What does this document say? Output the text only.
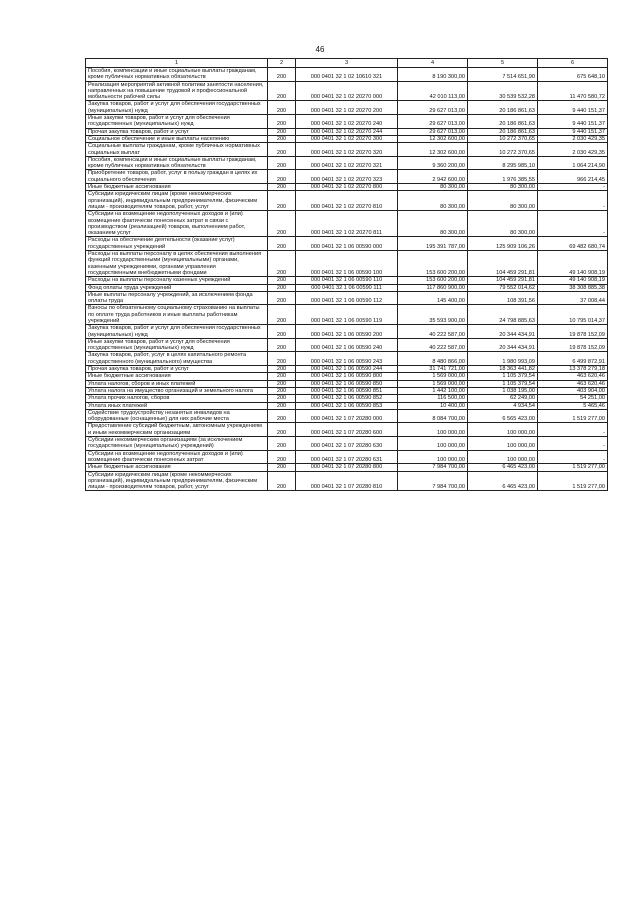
46
1	2	3	4	5	6
Пособия, компенсации и иные социальные выплаты гражданам, кроме публичных нормативных обязательств	200	000 0401 32 1 02 10610 321	8 190 300,00	7 514 651,90	675 648,10
Реализация мероприятий активной политики занятости населения, направленных на повышение трудовой и профессиональной мобильности рабочей силы	200	000 0401 32 1 02 20270 000	42 010 113,00	30 539 532,28	11 470 580,72
Закупка товаров, работ и услуг для обеспечения государственных (муниципальных) нужд	200	000 0401 32 1 02 20270 200	29 627 013,00	20 186 861,63	9 440 151,37
Иные закупки товаров, работ и услуг для обеспечения государственных (муниципальных) нужд	200	000 0401 32 1 02 20270 240	29 627 013,00	20 186 861,63	9 440 151,37
Прочая закупка товаров, работ и услуг	200	000 0401 32 1 02 20270 244	29 627 013,00	20 186 861,63	9 440 151,37
Социальное обеспечение и иные выплаты населению	200	000 0401 32 1 02 20270 300	12 302 600,00	10 272 370,65	2 030 429,35
Социальные выплаты гражданам, кроме публичных нормативных социальных выплат	200	000 0401 32 1 02 20270 320	12 302 600,00	10 272 370,65	2 030 429,35
Пособия, компенсации и иные социальные выплаты гражданам, кроме публичных нормативных обязательств	200	000 0401 32 1 02 20270 321	9 360 200,00	8 295 985,10	1 064 214,90
Приобретение товаров, работ, услуг в пользу граждан в целях их социального обеспечения	200	000 0401 32 1 02 20270 323	2 942 600,00	1 976 385,55	966 214,45
Иные бюджетные ассигнования	200	000 0401 32 1 02 20270 800	80 300,00	80 300,00	-
Субсидии юридическим лицам (кроме некоммерческих организаций), индивидуальным предпринимателям, физическим лицам - производителям товаров, работ, услуг	200	000 0401 32 1 02 20270 810	80 300,00	80 300,00	-
Субсидии на возмещение недополученных доходов и (или) возмещение фактически понесенных затрат в связи с производством (реализацией) товаров, выполнением работ, оказанием услуг	200	000 0401 32 1 02 20270 811	80 300,00	80 300,00	-
Расходы на обеспечение деятельности (оказание услуг) государственных учреждений	200	000 0401 32 1 06 00590 000	195 391 787,00	125 909 106,26	69 482 680,74
Расходы на выплаты персоналу в целях обеспечения выполнения функций государственными (муниципальными) органами, казенными учреждениями, органами управления государственными внебюджетными фондами	200	000 0401 32 1 06 00590 100	153 600 200,00	104 459 291,81	49 140 908,19
Расходы на выплаты персоналу казенных учреждений	200	000 0401 32 1 06 00590 110	153 600 200,00	104 459 291,81	49 140 908,19
Фонд оплаты труда учреждений	200	000 0401 32 1 06 00590 111	117 860 900,00	79 552 014,62	38 308 885,38
Иные выплаты персоналу учреждений, за исключением фонда оплаты труда	200	000 0401 32 1 06 00590 112	145 400,00	108 391,56	37 008,44
Взносы по обязательному социальному страхованию на выплаты по оплате труда работников и иные выплаты работникам учреждений	200	000 0401 32 1 06 00590 119	35 593 900,00	24 798 885,63	10 795 014,37
Закупка товаров, работ и услуг для обеспечения государственных (муниципальных) нужд	200	000 0401 32 1 06 00590 200	40 222 587,00	20 344 434,91	19 878 152,09
Иные закупки товаров, работ и услуг для обеспечения государственных (муниципальных) нужд	200	000 0401 32 1 06 00590 240	40 222 587,00	20 344 434,91	19 878 152,09
Закупка товаров, работ, услуг в целях капитального ремонта государственного (муниципального) имущества	200	000 0401 32 1 06 00590 243	8 480 866,00	1 980 993,09	6 499 872,91
Прочая закупка товаров, работ и услуг	200	000 0401 32 1 06 00590 244	31 741 721,00	18 363 441,82	13 378 279,18
Иные бюджетные ассигнования	200	000 0401 32 1 06 00590 800	1 569 000,00	1 105 379,54	463 620,46
Уплата налогов, сборов и иных платежей	200	000 0401 32 1 06 00590 850	1 569 000,00	1 105 379,54	463 620,46
Уплата налога на имущество организаций и земельного налога	200	000 0401 32 1 06 00590 851	1 442 100,00	1 038 195,00	403 904,00
Уплата прочих налогов, сборов	200	000 0401 32 1 06 00590 852	116 500,00	62 249,00	54 251,00
Уплата иных платежей	200	000 0401 32 1 06 00590 853	10 400,00	4 934,54	5 465,46
Содействие трудоустройству незанятых инвалидов на оборудованные (оснащенные) для них рабочие места	200	000 0401 32 1 07 20280 000	8 084 700,00	6 565 423,00	1 519 277,00
Предоставление субсидий бюджетным, автономным учреждениям и иным некоммерческим организациям	200	000 0401 32 1 07 20280 600	100 000,00	100 000,00	-
Субсидии некоммерческим организациям (за исключением государственных (муниципальных) учреждений)	200	000 0401 32 1 07 20280 630	100 000,00	100 000,00	-
Субсидии на возмещение недополученных доходов и (или) возмещение фактически понесенных затрат	200	000 0401 32 1 07 20280 631	100 000,00	100 000,00	-
Иные бюджетные ассигнования	200	000 0401 32 1 07 20280 800	7 984 700,00	6 465 423,00	1 519 277,00
Субсидии юридическим лицам (кроме некоммерческих организаций), индивидуальным предпринимателям, физическим лицам - производителям товаров, работ, услуг	200	000 0401 32 1 07 20280 810	7 984 700,00	6 465 423,00	1 519 277,00
